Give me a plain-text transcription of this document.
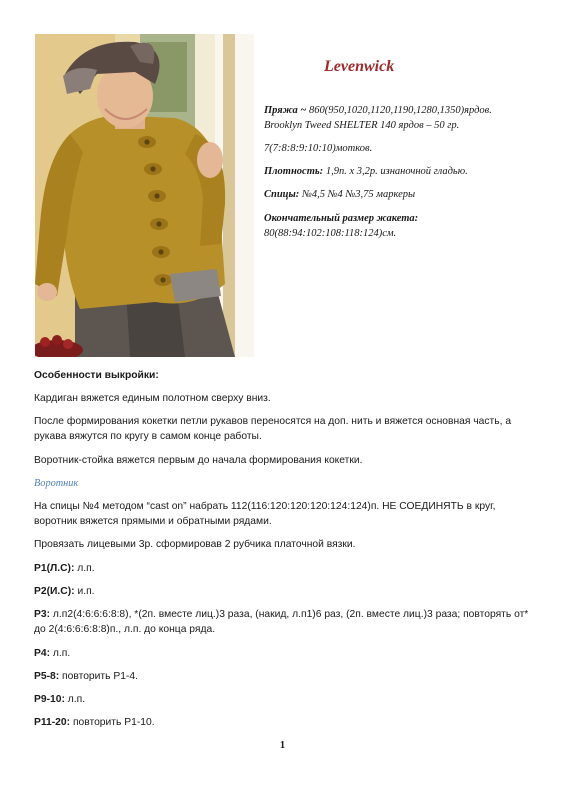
Levenwick
Пряжа ~ 860(950,1020,1120,1190,1280,1350)ярдов.
Brooklyn Tweed SHELTER 140 ярдов – 50 гр.
7(7:8:8:9:10:10)мотков.
Плотность: 1,9п. х 3,2р. изнаночной гладью.
Спицы: №4,5 №4 №3,75 маркеры
Окончательный размер жакета:
80(88:94:102:108:118:124)см.
Особенности выкройки:
Кардиган вяжется единым полотном сверху вниз.
После формирования кокетки петли рукавов переносятся на доп. нить и вяжется основная часть, а рукава вяжутся по кругу в самом конце работы.
Воротник-стойка вяжется первым до начала формирования кокетки.
Воротник
На спицы №4 методом “cast on” набрать 112(116:120:120:120:124:124)п. НЕ СОЕДИНЯТЬ в круг, воротник вяжется прямыми и обратными рядами.
Провязать лицевыми 3р. сформировав 2 рубчика платочной вязки.
Р1(Л.С): л.п.
Р2(И.С): и.п.
Р3: л.п2(4:6:6:6:8:8), *(2п. вместе лиц.)3 раза, (накид, л.п1)6 раз, (2п. вместе лиц.)3 раза; повторять от* до 2(4:6:6:6:8:8)п., л.п. до конца ряда.
Р4: л.п.
Р5-8: повторить Р1-4.
Р9-10: л.п.
Р11-20: повторить Р1-10.
1
